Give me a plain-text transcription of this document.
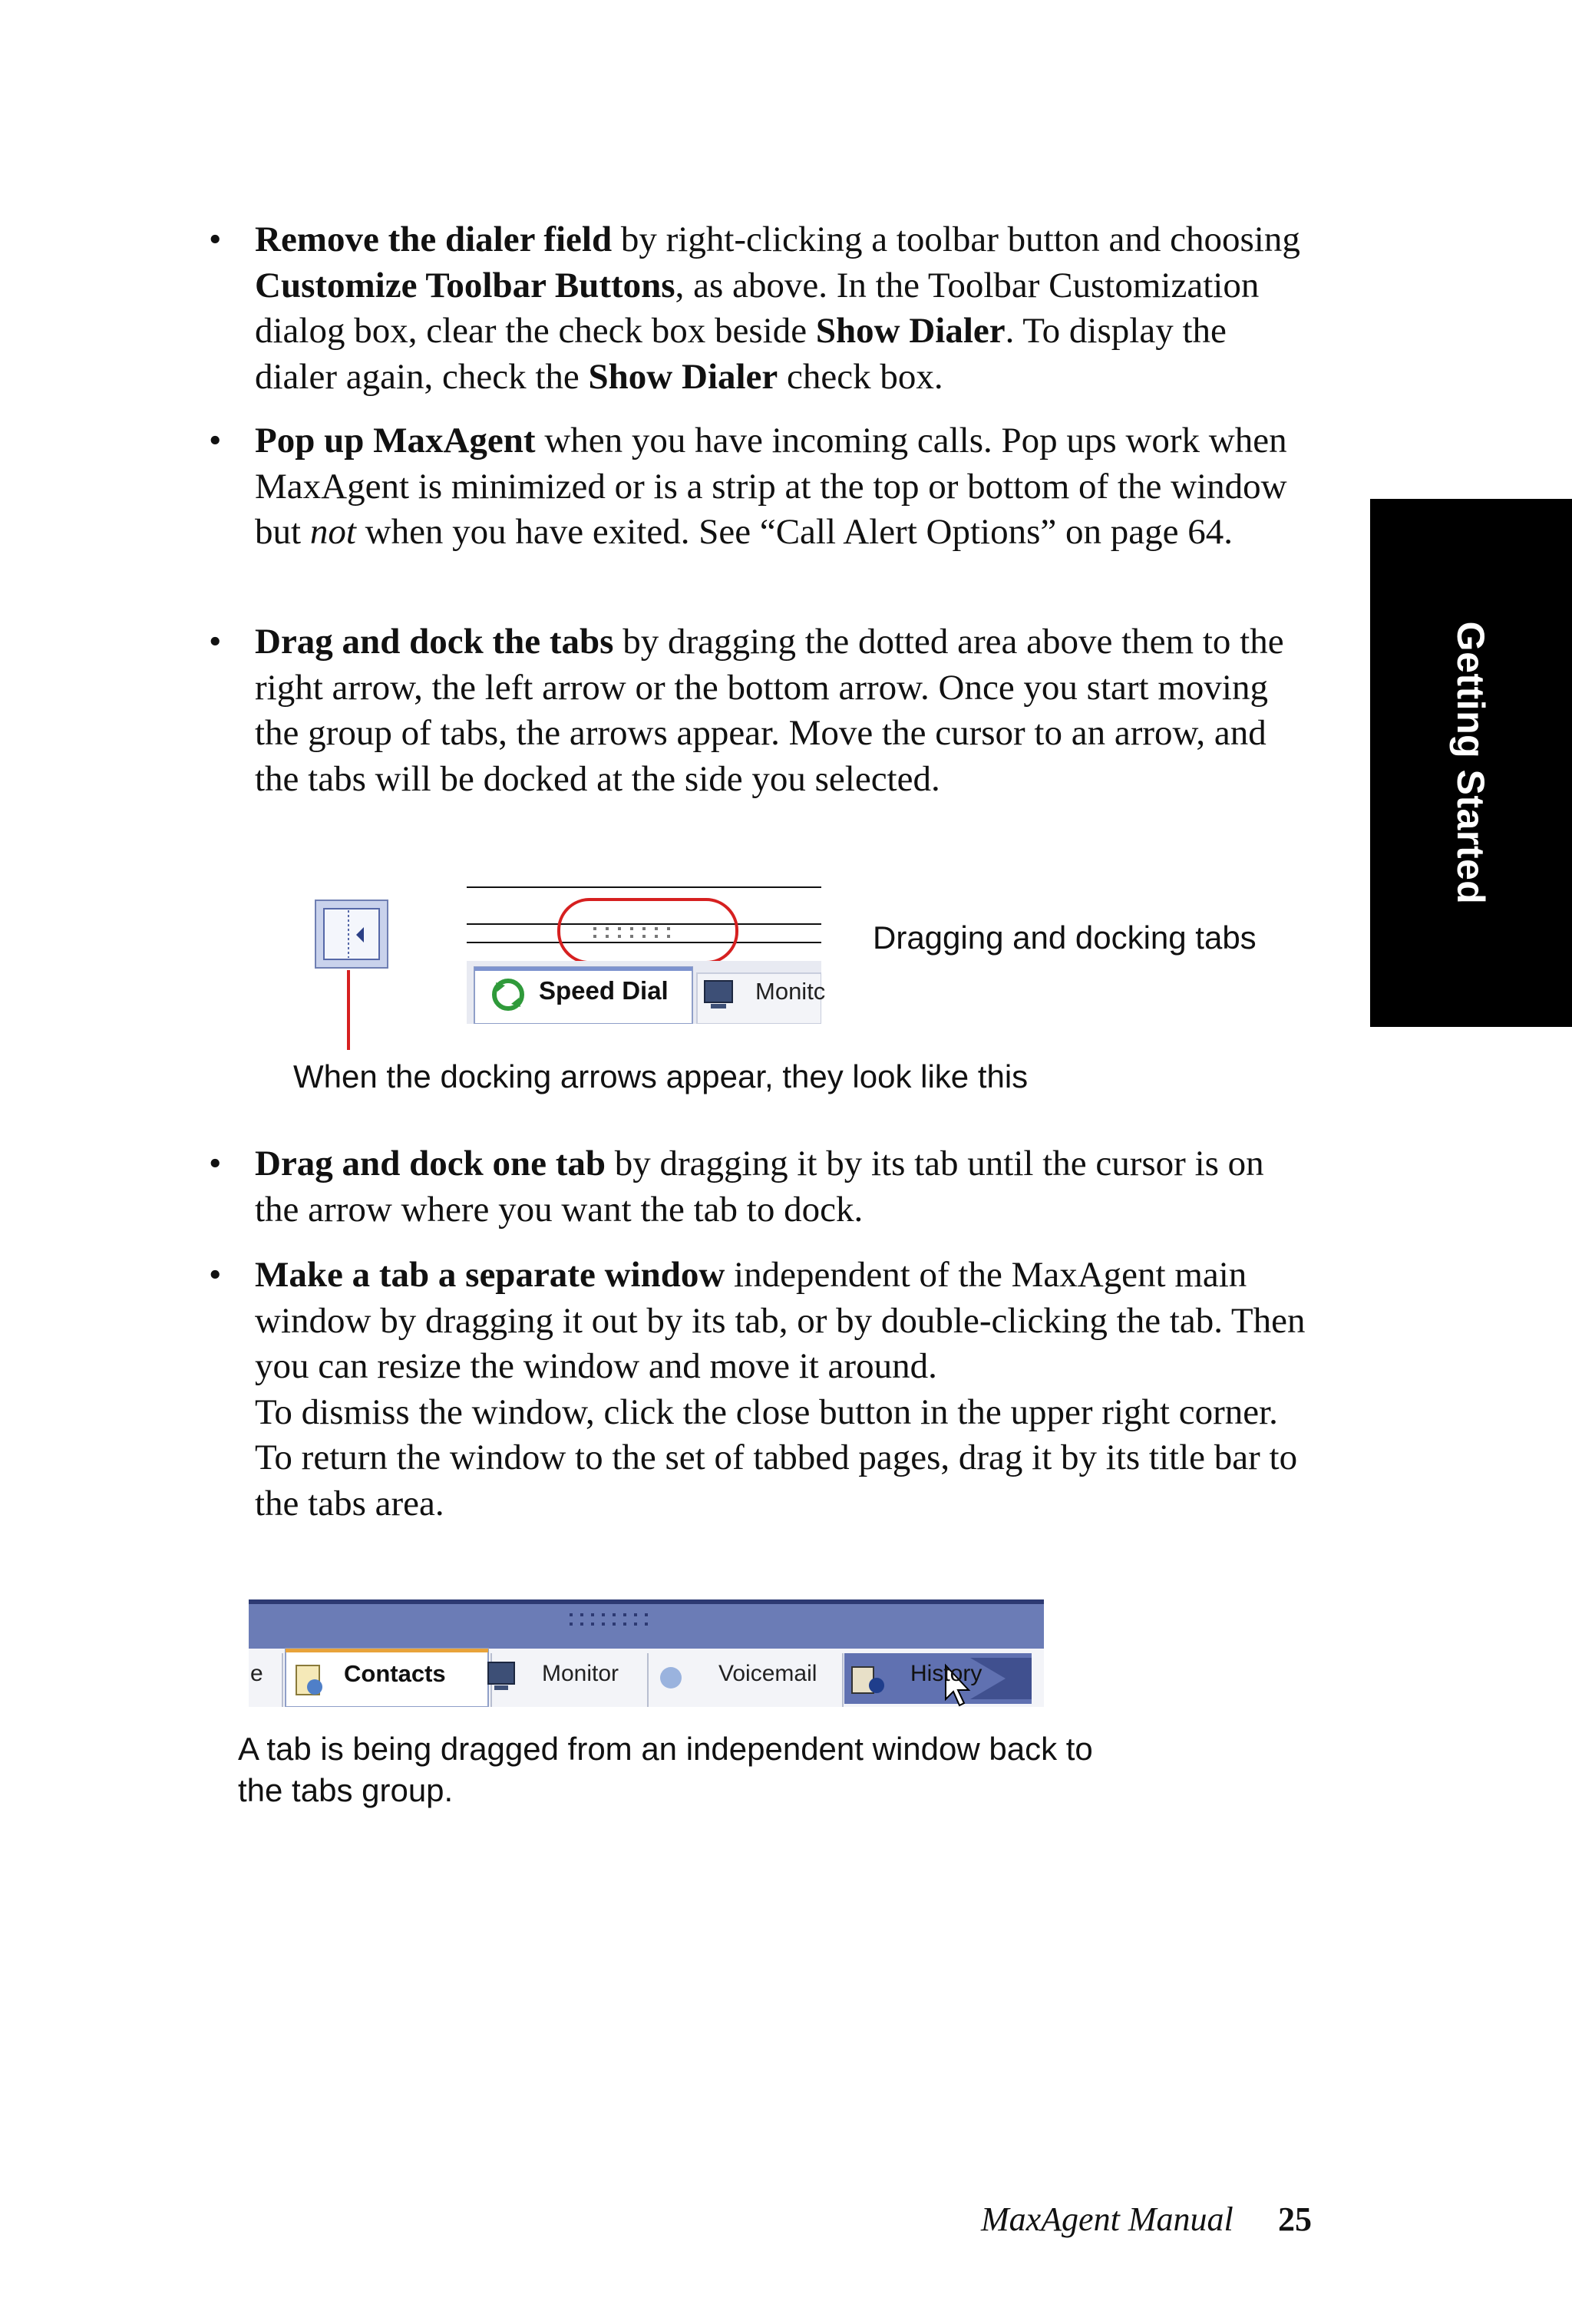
Getting Started
• Remove the dialer field by right-clicking a toolbar button and choosing Customize Toolbar Buttons, as above. In the Toolbar Customization dialog box, clear the check box beside Show Dialer. To display the dialer again, check the Show Dialer check box.
• Pop up MaxAgent when you have incoming calls. Pop ups work when MaxAgent is minimized or is a strip at the top or bottom of the window but not when you have exited. See “Call Alert Options” on page 64.
• Drag and dock the tabs by dragging the dotted area above them to the right arrow, the left arrow or the bottom arrow. Once you start moving the group of tabs, the arrows appear. Move the cursor to an arrow, and the tabs will be docked at the side you selected.
Speed Dial	Monitc
Dragging and docking tabs
When the docking arrows appear, they look like this
• Drag and dock one tab by dragging it by its tab until the cursor is on the arrow where you want the tab to dock.
• Make a tab a separate window independent of the MaxAgent main window by dragging it out by its tab, or by double-clicking the tab. Then you can resize the window and move it around.
To dismiss the window, click the close button in the upper right corner. To return the window to the set of tabbed pages, drag it by its title bar to the tabs area.
e	Contacts	Monitor	Voicemail	History
A tab is being dragged from an independent window back to the tabs group.
MaxAgent Manual 25
